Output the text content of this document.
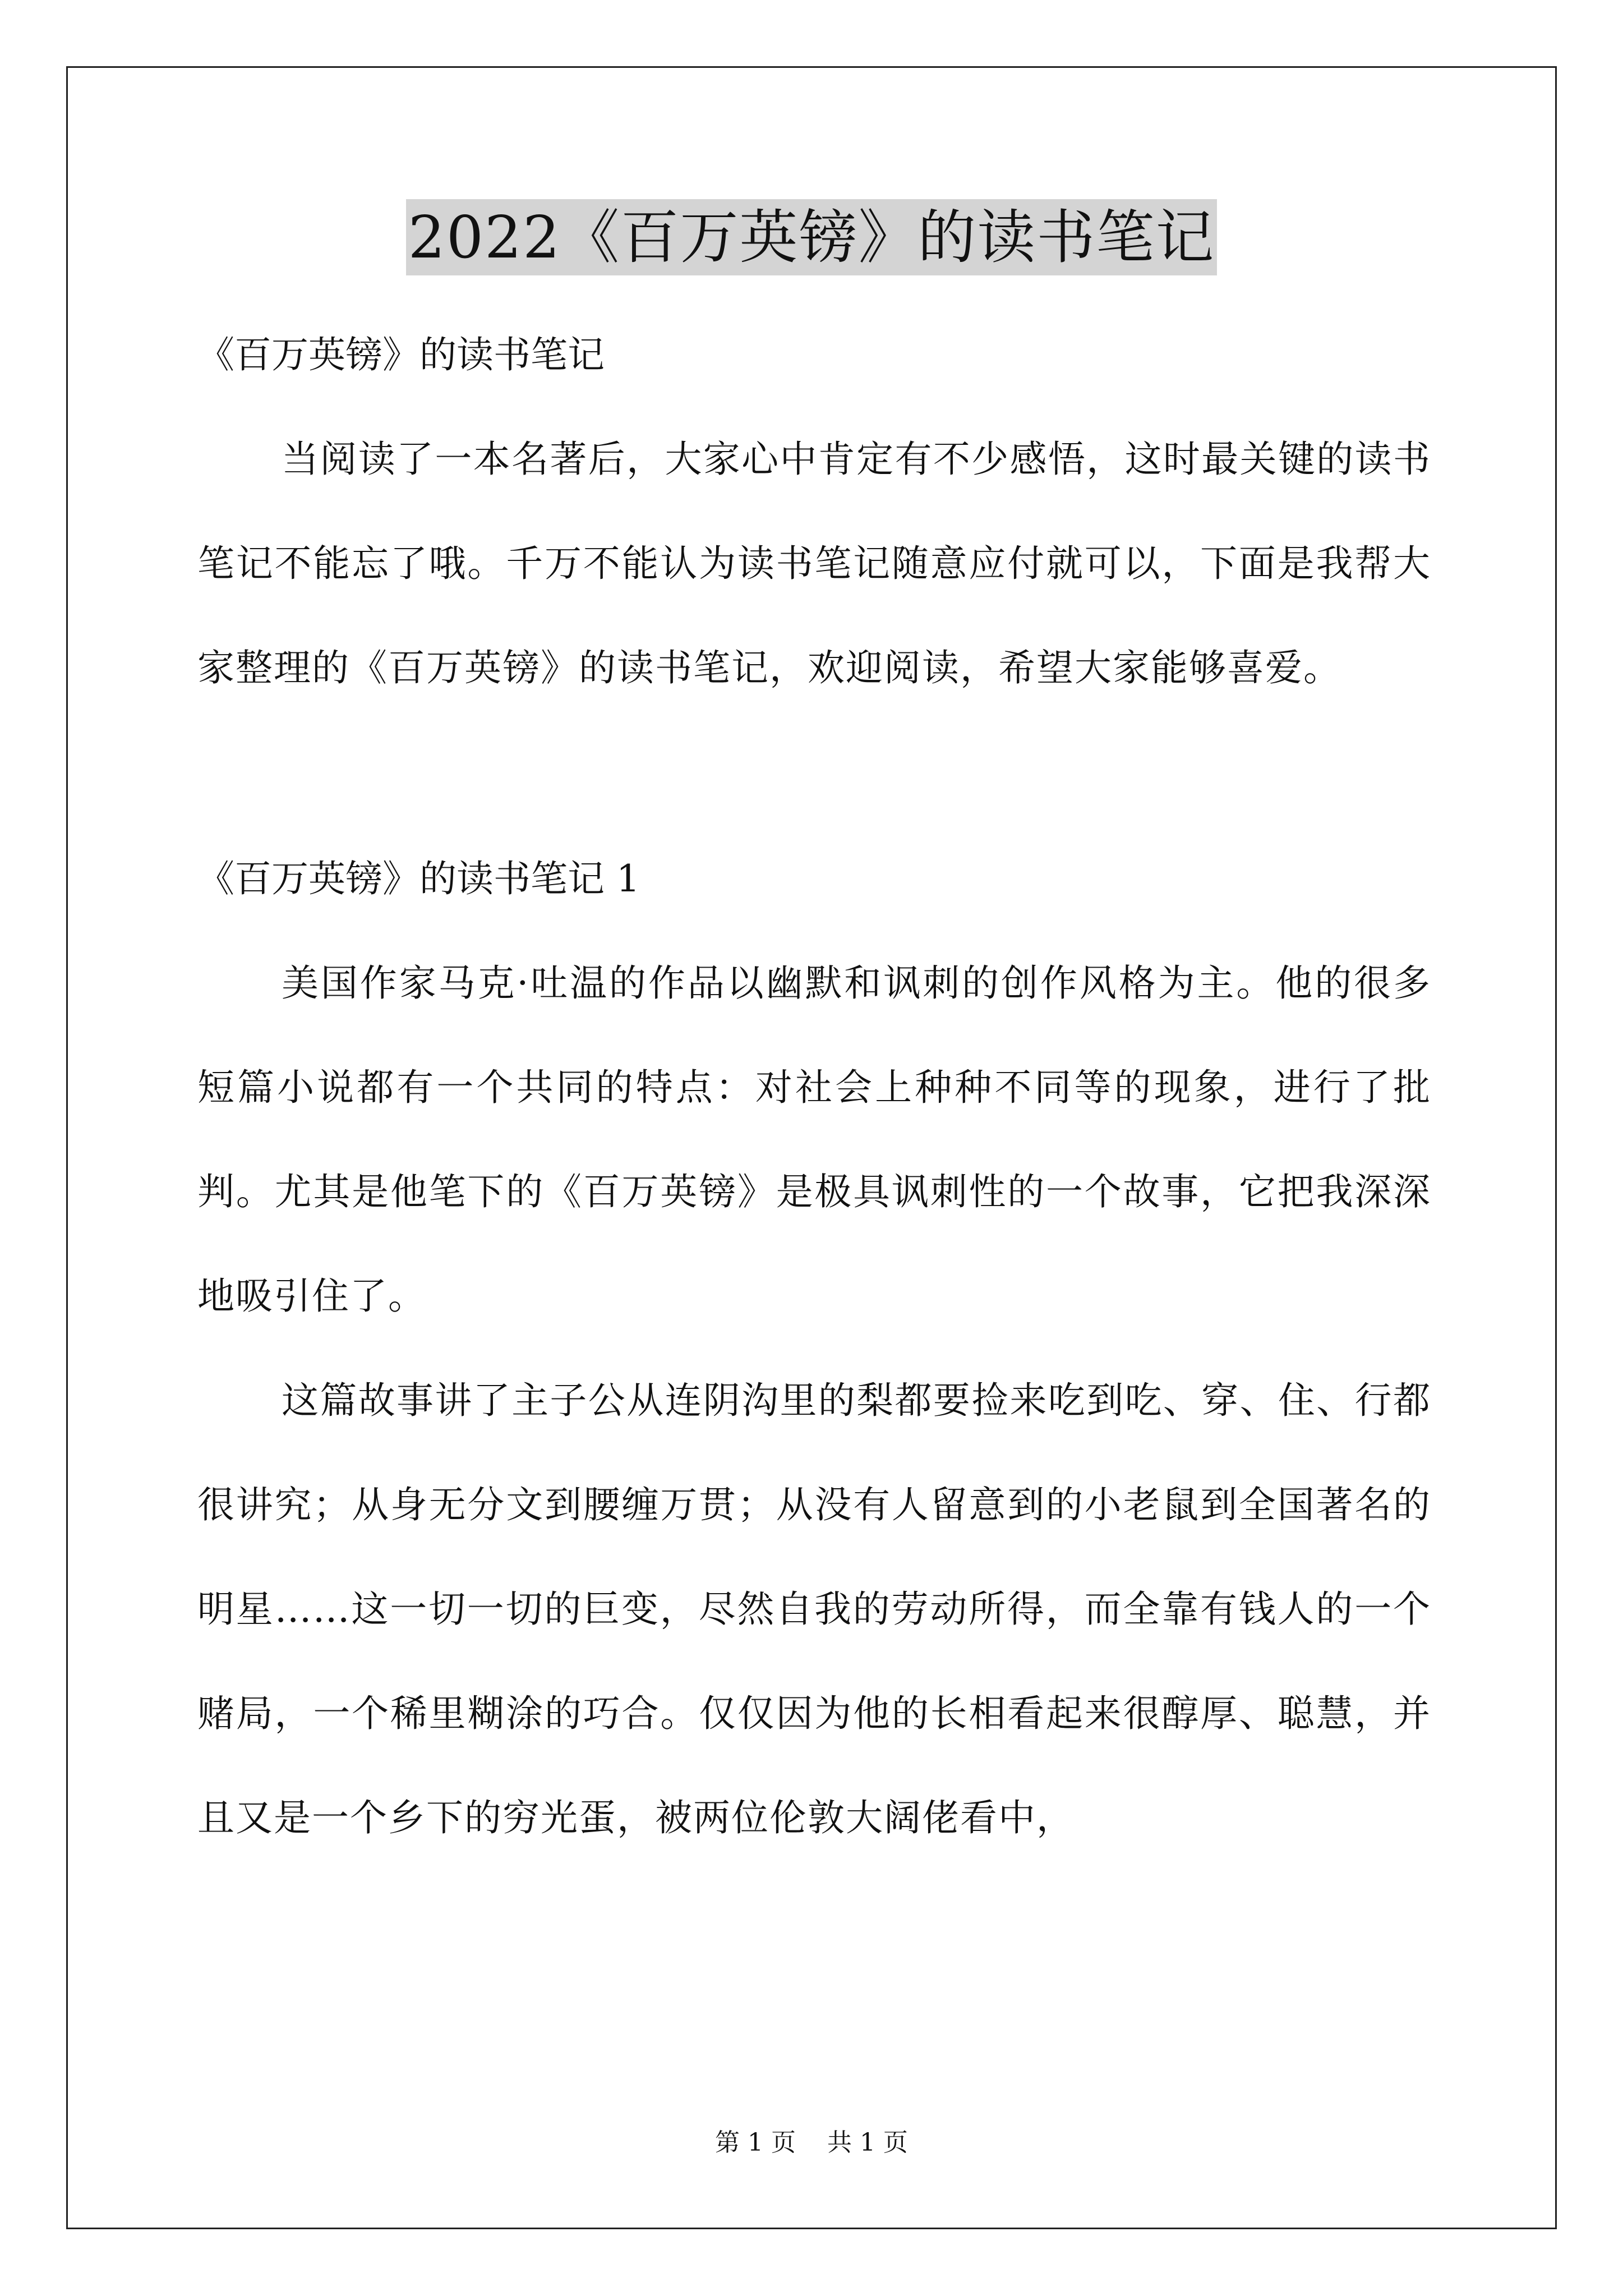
2022《百万英镑》的读书笔记

《百万英镑》的读书笔记

当阅读了一本名著后，大家心中肯定有不少感悟，这时最关键的读书笔记不能忘了哦。千万不能认为读书笔记随意应付就可以，下面是我帮大家整理的《百万英镑》的读书笔记，欢迎阅读，希望大家能够喜爱。

《百万英镑》的读书笔记 1

美国作家马克·吐温的作品以幽默和讽刺的创作风格为主。他的很多短篇小说都有一个共同的特点：对社会上种种不同等的现象，进行了批判。尤其是他笔下的《百万英镑》是极具讽刺性的一个故事，它把我深深地吸引住了。

这篇故事讲了主子公从连阴沟里的梨都要捡来吃到吃、穿、住、行都很讲究；从身无分文到腰缠万贯；从没有人留意到的小老鼠到全国著名的明星……这一切一切的巨变，尽然自我的劳动所得，而全靠有钱人的一个赌局，一个稀里糊涂的巧合。仅仅因为他的长相看起来很醇厚、聪慧，并且又是一个乡下的穷光蛋，被两位伦敦大阔佬看中，

第 1 页    共 1 页
